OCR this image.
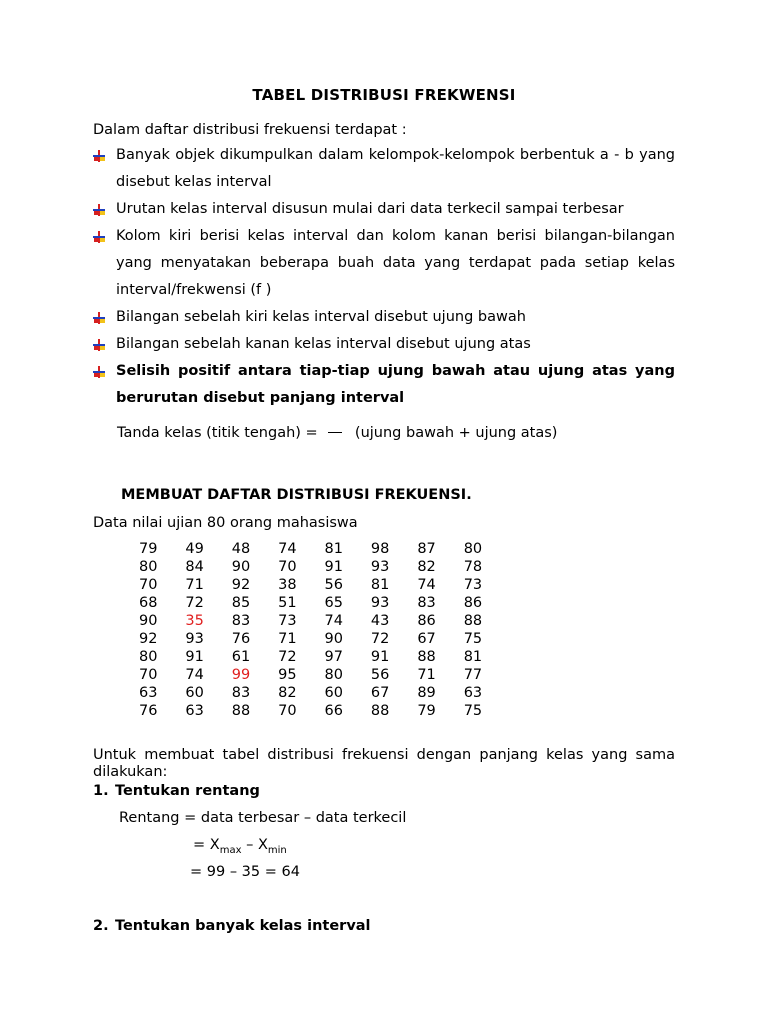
TABEL DISTRIBUSI FREKWENSI
Dalam daftar distribusi frekuensi terdapat :
Banyak objek dikumpulkan dalam kelompok-kelompok berbentuk a - b yang disebut kelas interval
Urutan kelas interval disusun mulai dari data terkecil sampai terbesar
Kolom kiri berisi kelas interval dan kolom kanan berisi bilangan-bilangan yang menyatakan beberapa buah data yang terdapat pada setiap kelas interval/frekwensi (f )
Bilangan sebelah kiri kelas interval disebut ujung bawah
Bilangan sebelah kanan kelas interval disebut ujung atas
Selisih positif antara tiap-tiap ujung bawah atau ujung atas yang berurutan disebut panjang interval
Tanda kelas (titik tengah) =	(ujung bawah + ujung atas)
MEMBUAT DAFTAR DISTRIBUSI FREKUENSI.
Data nilai ujian 80 orang mahasiswa
79	49	48	74	81	98	87	80
80	84	90	70	91	93	82	78
70	71	92	38	56	81	74	73
68	72	85	51	65	93	83	86
90	35	83	73	74	43	86	88
92	93	76	71	90	72	67	75
80	91	61	72	97	91	88	81
70	74	99	95	80	56	71	77
63	60	83	82	60	67	89	63
76	63	88	70	66	88	79	75
Untuk membuat tabel distribusi frekuensi dengan panjang kelas yang sama dilakukan:
1. Tentukan rentang
Rentang = data terbesar – data terkecil
= $X_{max} - X_{min}$
= 99 – 35 = 64
2. Tentukan banyak kelas interval
